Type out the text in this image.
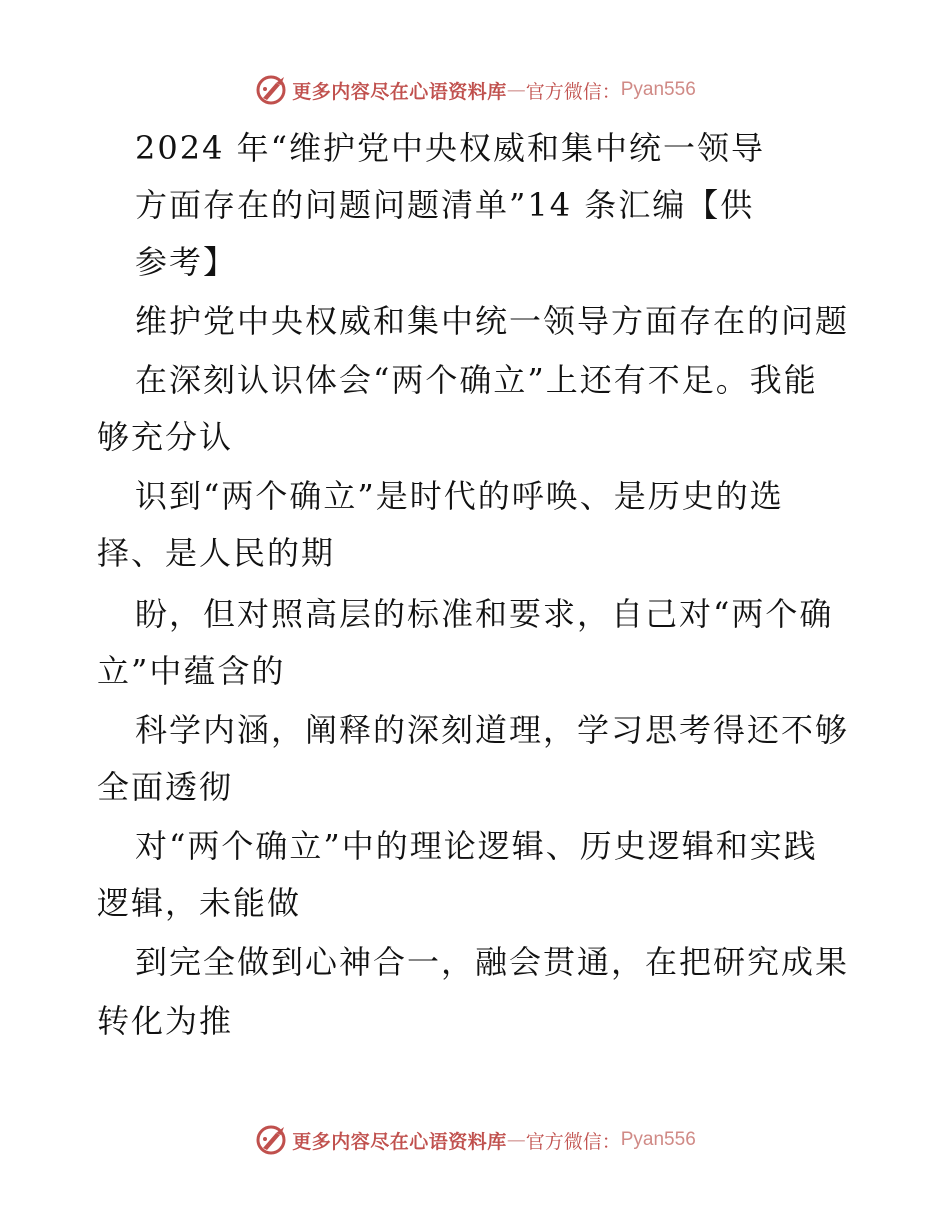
更多内容尽在心语资料库 — 官方微信： Pyan556
2024 年“维护党中央权威和集中统一领导
方面存在的问题问题清单”14 条汇编【供
参考】
维护党中央权威和集中统一领导方面存在的问题
在深刻认识体会“两个确立”上还有不足。我能
够充分认
识到“两个确立”是时代的呼唤、是历史的选
择、是人民的期
盼，但对照高层的标准和要求，自己对“两个确
立”中蕴含的
科学内涵，阐释的深刻道理，学习思考得还不够
全面透彻
对“两个确立”中的理论逻辑、历史逻辑和实践
逻辑，未能做
到完全做到心神合一，融会贯通，在把研究成果
转化为推
更多内容尽在心语资料库 — 官方微信： Pyan556
